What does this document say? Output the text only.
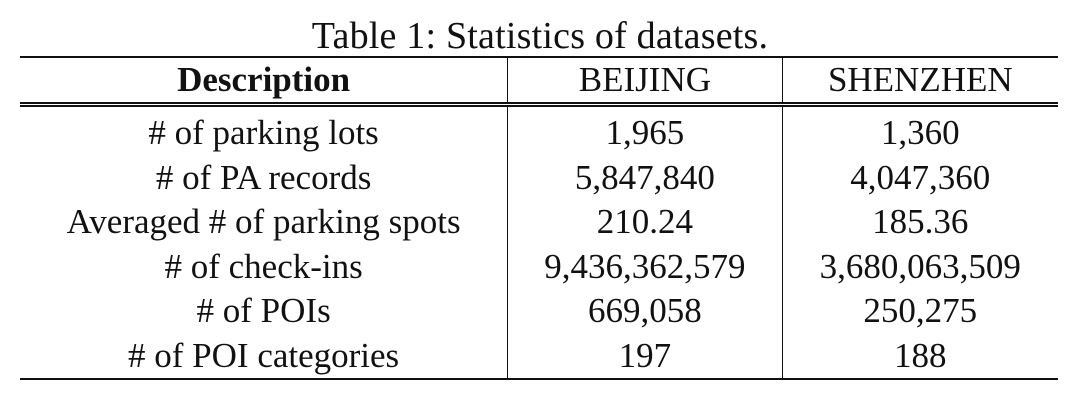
Table 1: Statistics of datasets.
Description	BEIJING	SHENZHEN
# of parking lots	1,965	1,360
# of PA records	5,847,840	4,047,360
Averaged # of parking spots	210.24	185.36
# of check-ins	9,436,362,579	3,680,063,509
# of POIs	669,058	250,275
# of POI categories	197	188
